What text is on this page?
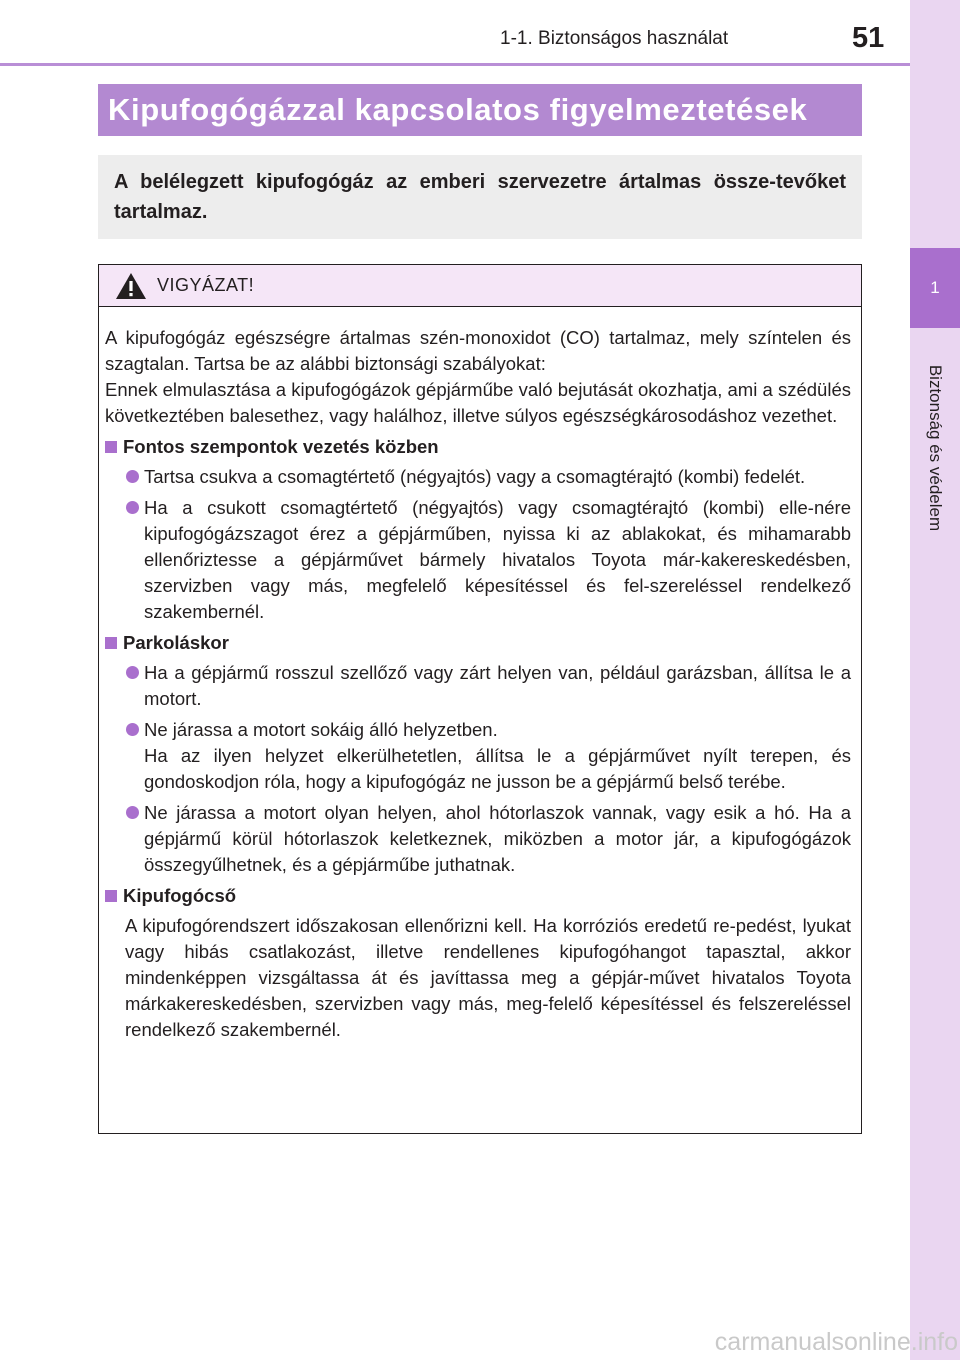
1-1. Biztonságos használat	51
1
Biztonság és védelem
Kipufogógázzal kapcsolatos figyelmeztetések
A belélegzett kipufogógáz az emberi szervezetre ártalmas össze-tevőket tartalmaz.
VIGYÁZAT!
A kipufogógáz egészségre ártalmas szén-monoxidot (CO) tartalmaz, mely színtelen és szagtalan. Tartsa be az alábbi biztonsági szabályokat:
Ennek elmulasztása a kipufogógázok gépjárműbe való bejutását okozhatja, ami a szédülés következtében balesethez, vagy halálhoz, illetve súlyos egészségkárosodáshoz vezethet.
Fontos szempontok vezetés közben
Tartsa csukva a csomagtértető (négyajtós) vagy a csomagtérajtó (kombi) fedelét.
Ha a csukott csomagtértető (négyajtós) vagy csomagtérajtó (kombi) elle-nére kipufogógázszagot érez a gépjárműben, nyissa ki az ablakokat, és mihamarabb ellenőriztesse a gépjárművet bármely hivatalos Toyota már-kakereskedésben, szervizben vagy más, megfelelő képesítéssel és fel-szereléssel rendelkező szakembernél.
Parkoláskor
Ha a gépjármű rosszul szellőző vagy zárt helyen van, például garázsban, állítsa le a motort.
Ne járassa a motort sokáig álló helyzetben.
Ha az ilyen helyzet elkerülhetetlen, állítsa le a gépjárművet nyílt terepen, és gondoskodjon róla, hogy a kipufogógáz ne jusson be a gépjármű belső terébe.
Ne járassa a motort olyan helyen, ahol hótorlaszok vannak, vagy esik a hó. Ha a gépjármű körül hótorlaszok keletkeznek, miközben a motor jár, a kipufogógázok összegyűlhetnek, és a gépjárműbe juthatnak.
Kipufogócső
A kipufogórendszert időszakosan ellenőrizni kell. Ha korróziós eredetű re-pedést, lyukat vagy hibás csatlakozást, illetve rendellenes kipufogóhangot tapasztal, akkor mindenképpen vizsgáltassa át és javíttassa meg a gépjár-művet hivatalos Toyota márkakereskedésben, szervizben vagy más, meg-felelő képesítéssel és felszereléssel rendelkező szakembernél.
carmanualsonline.info
